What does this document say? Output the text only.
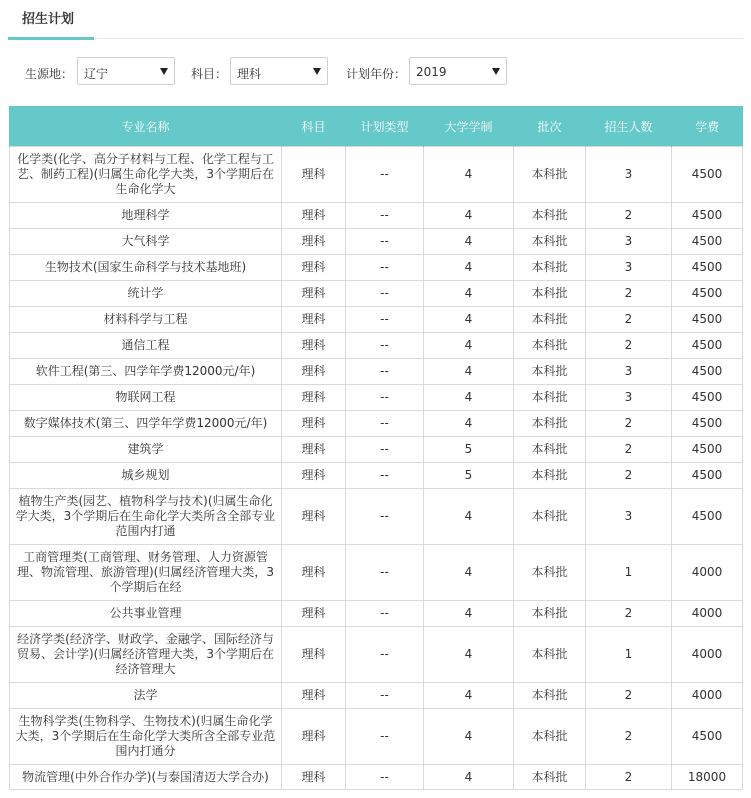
招生计划
生源地： 辽宁	科目： 理科	计划年份： 2019
专业名称	科目	计划类型	大学学制	批次	招生人数	学费
化学类(化学、高分子材料与工程、化学工程与工艺、制药工程)(归属生命化学大类，3个学期后在生命化学大	理科	--	4	本科批	3	4500
地理科学	理科	--	4	本科批	2	4500
大气科学	理科	--	4	本科批	3	4500
生物技术(国家生命科学与技术基地班)	理科	--	4	本科批	3	4500
统计学	理科	--	4	本科批	2	4500
材料科学与工程	理科	--	4	本科批	2	4500
通信工程	理科	--	4	本科批	2	4500
软件工程(第三、四学年学费12000元/年)	理科	--	4	本科批	3	4500
物联网工程	理科	--	4	本科批	3	4500
数字媒体技术(第三、四学年学费12000元/年)	理科	--	4	本科批	2	4500
建筑学	理科	--	5	本科批	2	4500
城乡规划	理科	--	5	本科批	2	4500
植物生产类(园艺、植物科学与技术)(归属生命化学大类，3个学期后在生命化学大类所含全部专业范围内打通	理科	--	4	本科批	3	4500
工商管理类(工商管理、财务管理、人力资源管理、物流管理、旅游管理)(归属经济管理大类，3个学期后在经	理科	--	4	本科批	1	4000
公共事业管理	理科	--	4	本科批	2	4000
经济学类(经济学、财政学、金融学、国际经济与贸易、会计学)(归属经济管理大类，3个学期后在经济管理大	理科	--	4	本科批	1	4000
法学	理科	--	4	本科批	2	4000
生物科学类(生物科学、生物技术)(归属生命化学大类，3个学期后在生命化学大类所含全部专业范围内打通分	理科	--	4	本科批	2	4500
物流管理(中外合作办学)(与泰国清迈大学合办)	理科	--	4	本科批	2	18000
